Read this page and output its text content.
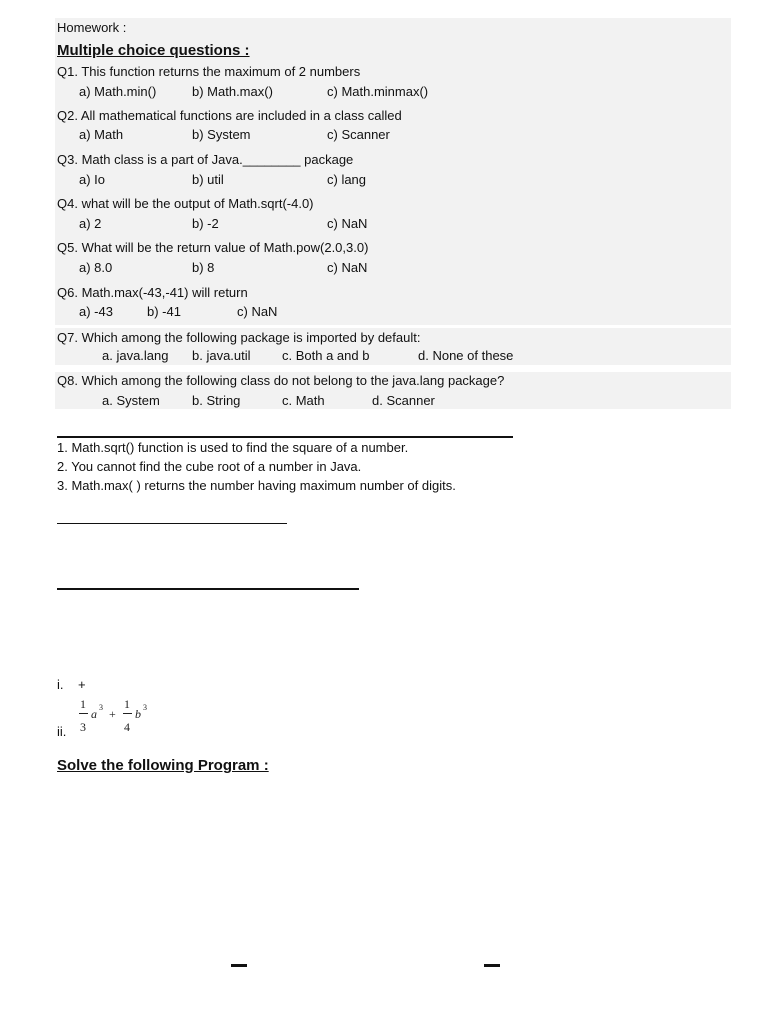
Homework :
Multiple choice questions :
Q1. This function returns the maximum of 2 numbers
a) Math.min()	b) Math.max()	c) Math.minmax()
Q2. All mathematical functions are included in a class called
a) Math	b) System	c) Scanner
Q3. Math class is a part of Java.________ package
a) Io	b) util	c) lang
Q4. what will be the output of Math.sqrt(-4.0)
a) 2	b) -2	c) NaN
Q5. What will be the return value of Math.pow(2.0,3.0)
a) 8.0	b) 8	c) NaN
Q6. Math.max(-43,-41) will return
a) -43	b) -41	c) NaN
Q7. Which among the following package is imported by default:
a. java.lang b. java.util c. Both a and b	d. None of these
Q8. Which among the following class do not belong to the java.lang package?
a. System b. String	c. Math	d. Scanner
1. Math.sqrt() function is used to find the square of a number.
2. You cannot find the cube root of a number in Java.
3. Math.max( ) returns the number having maximum number of digits.
i. +
ii.
1
3
a 3 +
1
4
b 3
Solve the following Program :
